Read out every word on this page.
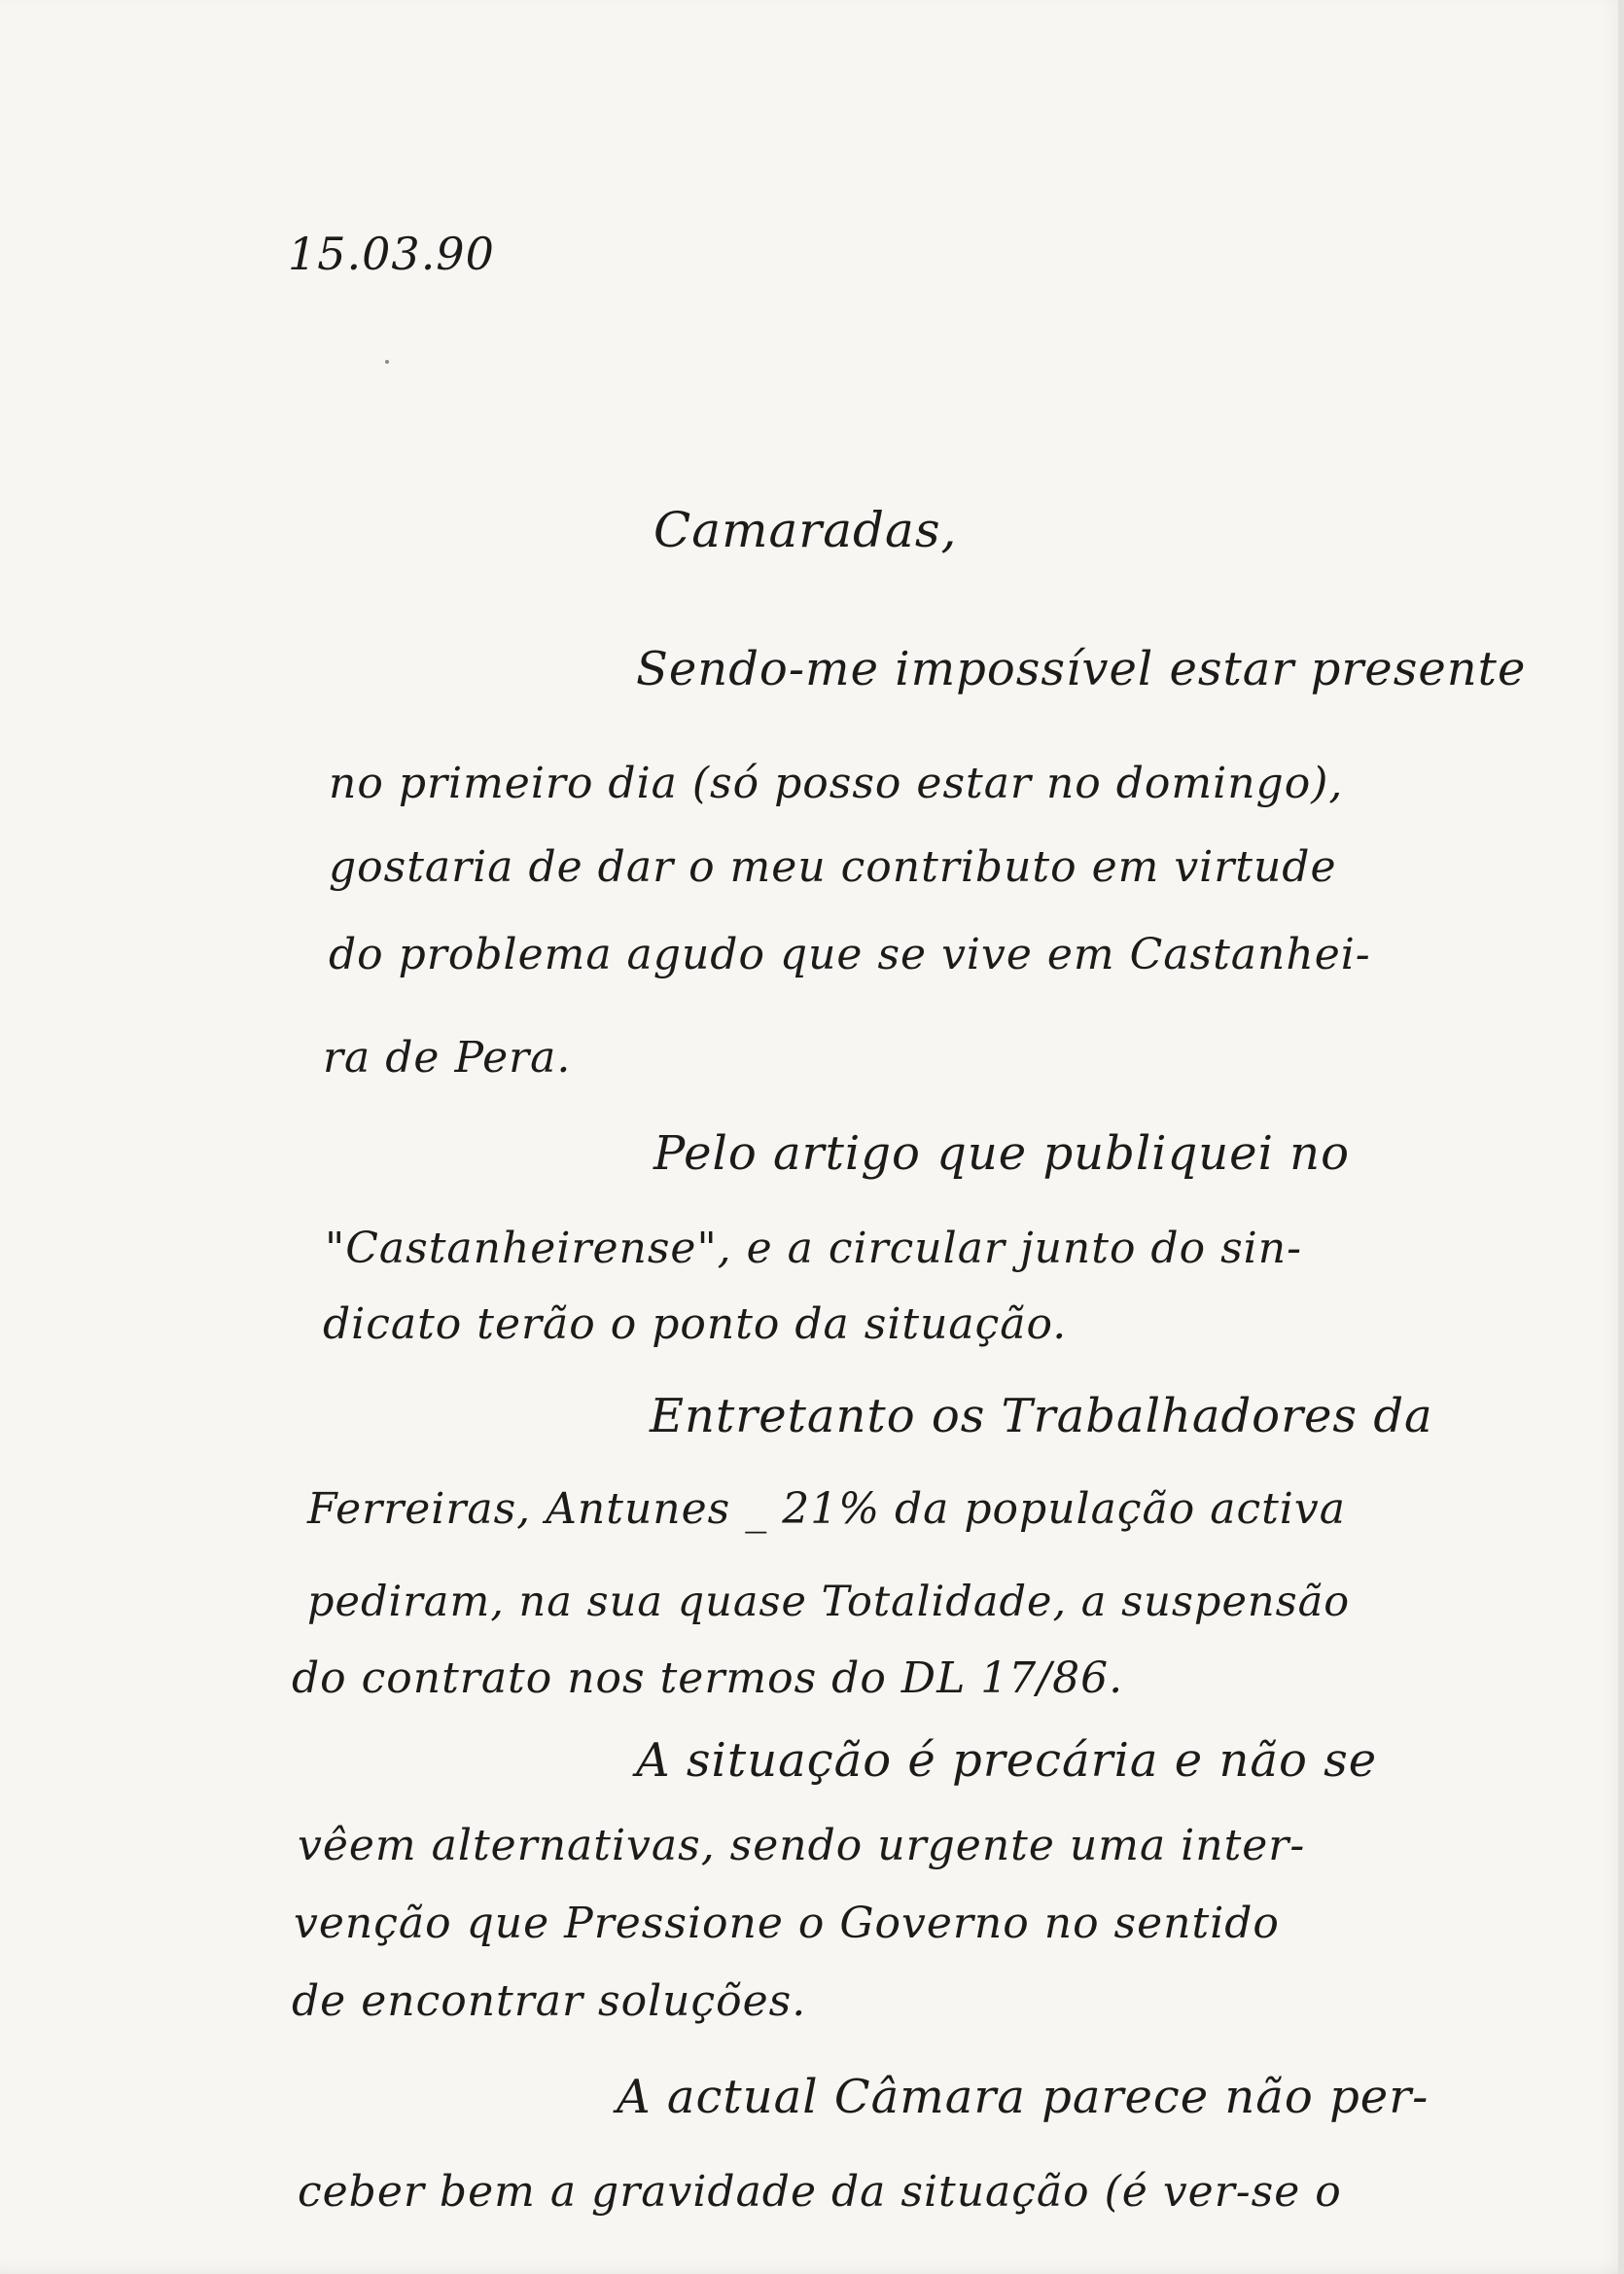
15.03.90

Camaradas,

Sendo-me impossível estar presente

no primeiro dia (só posso estar no domingo),

gostaria de dar o meu contributo em virtude

do problema agudo que se vive em Castanhei-

ra de Pera.

Pelo artigo que publiquei no

"Castanheirense", e a circular junto do sin-

dicato terão o ponto da situação.

Entretanto os Trabalhadores da

Ferreiras, Antunes _ 21% da população activa

pediram, na sua quase Totalidade, a suspensão

do contrato nos termos do DL 17/86.

A situação é precária e não se

vêem alternativas, sendo urgente uma inter-

venção que Pressione o Governo no sentido

de encontrar soluções.

A actual Câmara parece não per-

ceber bem a gravidade da situação (é ver-se o
